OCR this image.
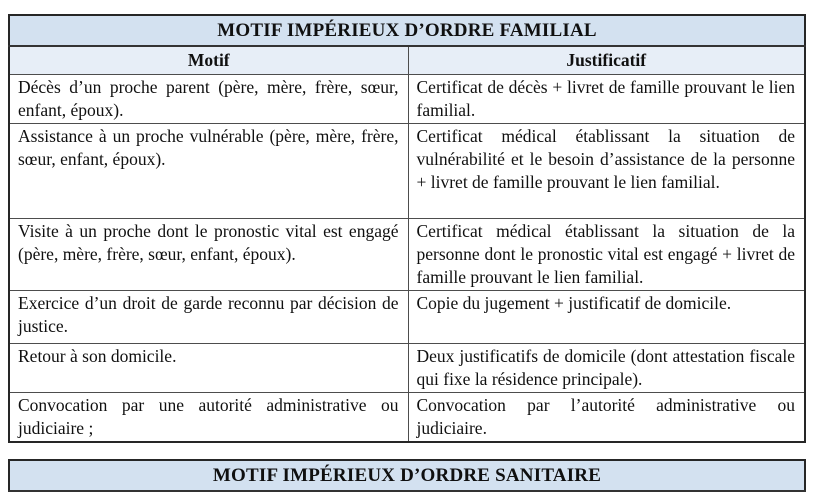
MOTIF IMPÉRIEUX D’ORDRE FAMILIAL	
Motif	Justificatif
Décès d’un proche parent (père, mère, frère, sœur, enfant, époux).	Certificat de décès + livret de famille prouvant le lien familial.
Assistance à un proche vulnérable (père, mère, frère, sœur, enfant, époux).	Certificat médical établissant la situation de vulnérabilité et le besoin d’assistance de la personne + livret de famille prouvant le lien familial.
Visite à un proche dont le pronostic vital est engagé (père, mère, frère, sœur, enfant, époux).	Certificat médical établissant la situation de la personne dont le pronostic vital est engagé + livret de famille prouvant le lien familial.
Exercice d’un droit de garde reconnu par décision de justice.	Copie du jugement + justificatif de domicile.
Retour à son domicile.	Deux justificatifs de domicile (dont attestation fiscale qui fixe la résidence principale).
Convocation par une autorité administrative ou judiciaire ;	Convocation par l’autorité administrative ou judiciaire.
MOTIF IMPÉRIEUX D’ORDRE SANITAIRE
